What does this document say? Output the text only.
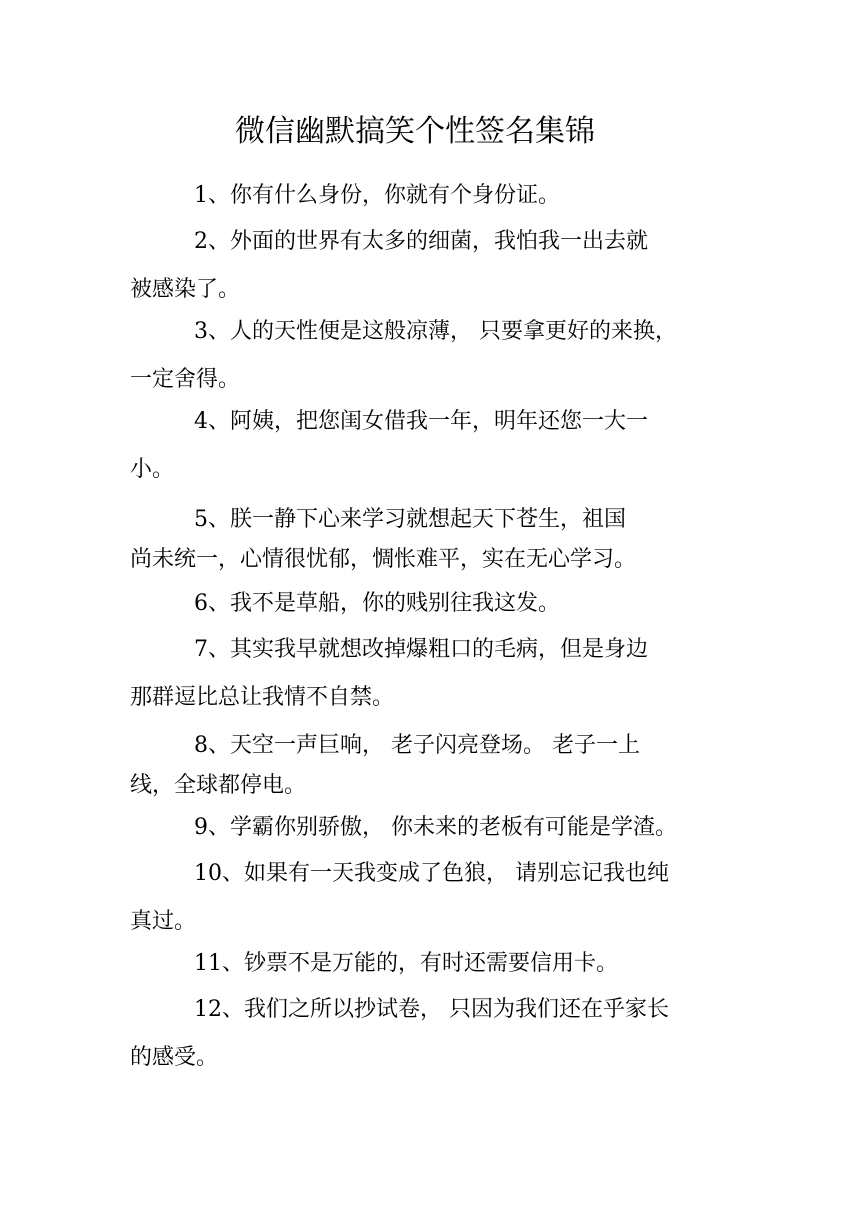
微信幽默搞笑个性签名集锦

1、你有什么身份，你就有个身份证。

2、外面的世界有太多的细菌，我怕我一出去就
被感染了。

3、人的天性便是这般凉薄， 只要拿更好的来换，
一定舍得。

4、阿姨，把您闺女借我一年，明年还您一大一
小。

5、朕一静下心来学习就想起天下苍生，祖国
尚未统一，心情很忧郁，惆怅难平，实在无心学习。

6、我不是草船，你的贱别往我这发。

7、其实我早就想改掉爆粗口的毛病，但是身边
那群逗比总让我情不自禁。

8、天空一声巨响， 老子闪亮登场。 老子一上
线，全球都停电。

9、学霸你别骄傲， 你未来的老板有可能是学渣。

10、如果有一天我变成了色狼， 请别忘记我也纯
真过。

11、钞票不是万能的，有时还需要信用卡。

12、我们之所以抄试卷， 只因为我们还在乎家长
的感受。
